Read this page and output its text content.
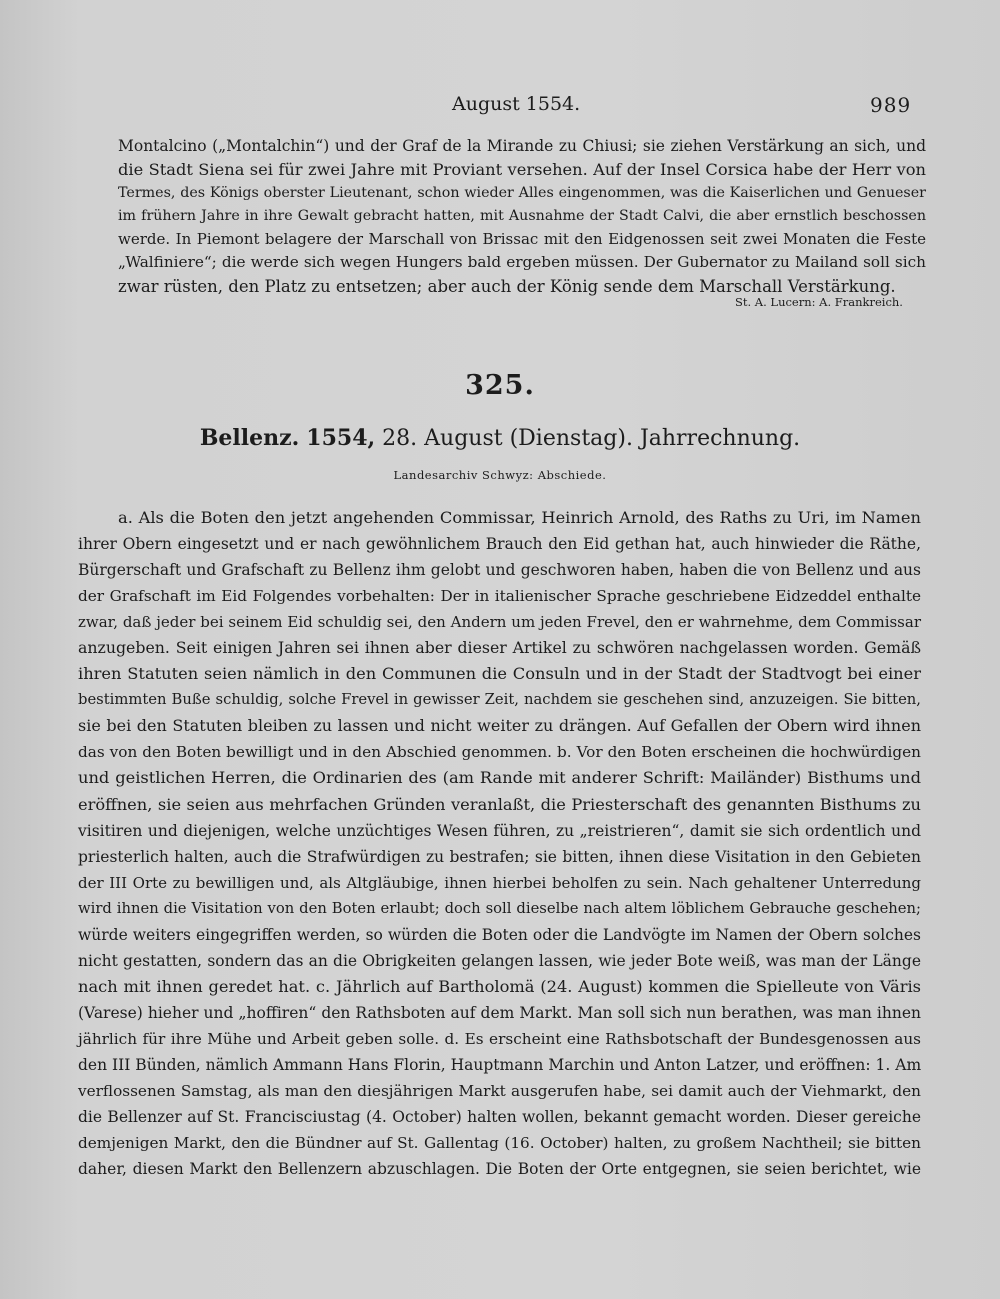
August 1554.	989
Montalcino („Montalchin“) und der Graf de la Mirande zu Chiusi; sie ziehen Verstärkung an sich, und
die Stadt Siena sei für zwei Jahre mit Proviant versehen. Auf der Insel Corsica habe der Herr von
Termes, des Königs oberster Lieutenant, schon wieder Alles eingenommen, was die Kaiserlichen und Genueser
im frühern Jahre in ihre Gewalt gebracht hatten, mit Ausnahme der Stadt Calvi, die aber ernstlich beschossen
werde. In Piemont belagere der Marschall von Brissac mit den Eidgenossen seit zwei Monaten die Feste
„Walfiniere“; die werde sich wegen Hungers bald ergeben müssen. Der Gubernator zu Mailand soll sich
zwar rüsten, den Platz zu entsetzen; aber auch der König sende dem Marschall Verstärkung.
St. A. Lucern: A. Frankreich.
325.
Bellenz. 1554, 28. August (Dienstag). Jahrrechnung.
Landesarchiv Schwyz: Abschiede.
a. Als die Boten den jetzt angehenden Commissar, Heinrich Arnold, des Raths zu Uri, im Namen
ihrer Obern eingesetzt und er nach gewöhnlichem Brauch den Eid gethan hat, auch hinwieder die Räthe,
Bürgerschaft und Grafschaft zu Bellenz ihm gelobt und geschworen haben, haben die von Bellenz und aus
der Grafschaft im Eid Folgendes vorbehalten: Der in italienischer Sprache geschriebene Eidzeddel enthalte
zwar, daß jeder bei seinem Eid schuldig sei, den Andern um jeden Frevel, den er wahrnehme, dem Commissar
anzugeben. Seit einigen Jahren sei ihnen aber dieser Artikel zu schwören nachgelassen worden. Gemäß
ihren Statuten seien nämlich in den Communen die Consuln und in der Stadt der Stadtvogt bei einer
bestimmten Buße schuldig, solche Frevel in gewisser Zeit, nachdem sie geschehen sind, anzuzeigen. Sie bitten,
sie bei den Statuten bleiben zu lassen und nicht weiter zu drängen. Auf Gefallen der Obern wird ihnen
das von den Boten bewilligt und in den Abschied genommen. b. Vor den Boten erscheinen die hochwürdigen
und geistlichen Herren, die Ordinarien des (am Rande mit anderer Schrift: Mailänder) Bisthums und
eröffnen, sie seien aus mehrfachen Gründen veranlaßt, die Priesterschaft des genannten Bisthums zu
visitiren und diejenigen, welche unzüchtiges Wesen führen, zu „reistrieren“, damit sie sich ordentlich und
priesterlich halten, auch die Strafwürdigen zu bestrafen; sie bitten, ihnen diese Visitation in den Gebieten
der III Orte zu bewilligen und, als Altgläubige, ihnen hierbei beholfen zu sein. Nach gehaltener Unterredung
wird ihnen die Visitation von den Boten erlaubt; doch soll dieselbe nach altem löblichem Gebrauche geschehen;
würde weiters eingegriffen werden, so würden die Boten oder die Landvögte im Namen der Obern solches
nicht gestatten, sondern das an die Obrigkeiten gelangen lassen, wie jeder Bote weiß, was man der Länge
nach mit ihnen geredet hat. c. Jährlich auf Bartholomä (24. August) kommen die Spielleute von Väris
(Varese) hieher und „hoffiren“ den Rathsboten auf dem Markt. Man soll sich nun berathen, was man ihnen
jährlich für ihre Mühe und Arbeit geben solle. d. Es erscheint eine Rathsbotschaft der Bundesgenossen aus
den III Bünden, nämlich Ammann Hans Florin, Hauptmann Marchin und Anton Latzer, und eröffnen: 1. Am
verflossenen Samstag, als man den diesjährigen Markt ausgerufen habe, sei damit auch der Viehmarkt, den
die Bellenzer auf St. Francisciustag (4. October) halten wollen, bekannt gemacht worden. Dieser gereiche
demjenigen Markt, den die Bündner auf St. Gallentag (16. October) halten, zu großem Nachtheil; sie bitten
daher, diesen Markt den Bellenzern abzuschlagen. Die Boten der Orte entgegnen, sie seien berichtet, wie
